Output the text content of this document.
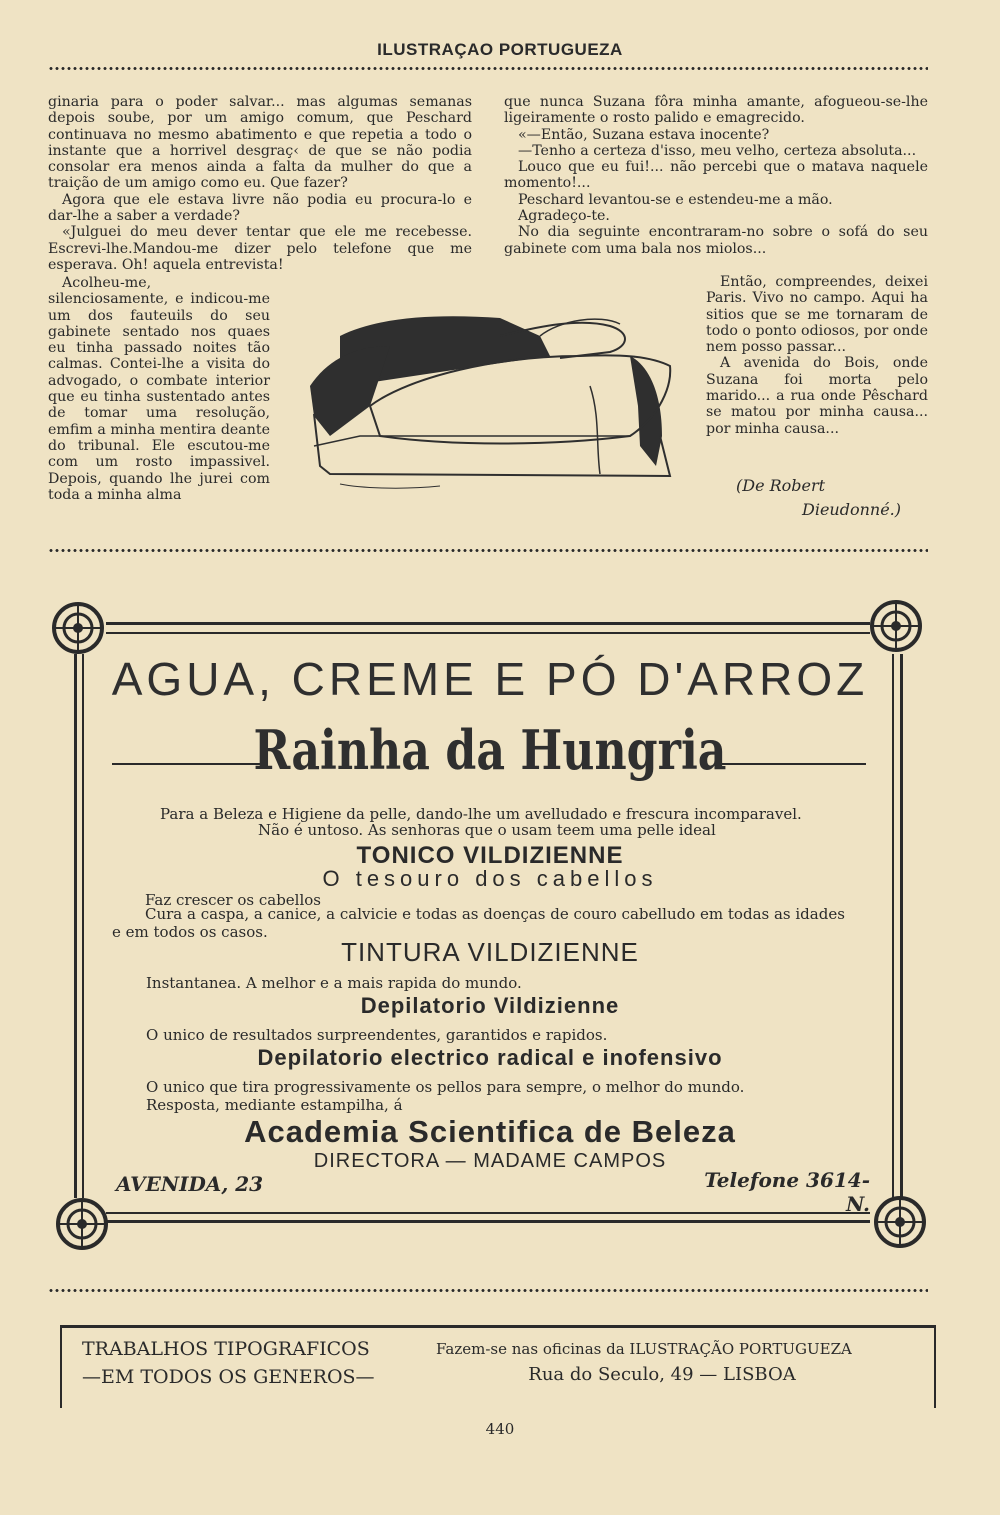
ILUSTRAÇAO PORTUGUEZA

ginaria para o poder salvar... mas algumas semanas depois soube, por um amigo comum, que Peschard continuava no mesmo abatimento e que repetia a todo o instante que a horrivel desgraç‹ de que se não podia consolar era menos ainda a falta da mulher do que a traição de um amigo como eu. Que fazer?

Agora que ele estava livre não podia eu procura-lo e dar-lhe a saber a verdade?

«Julguei do meu dever tentar que ele me recebesse. Escrevi-lhe.Mandou-me dizer pelo telefone que me esperava. Oh! aquela entrevista!

Acolheu-me, silenciosamente, e indicou-me um dos fauteuils do seu gabinete sentado nos quaes eu tinha passado noites tão calmas. Contei-lhe a visita do advogado, o combate interior que eu tinha sustentado antes de tomar uma resolução, emfim a minha mentira deante do tribunal. Ele escutou-me com um rosto impassivel. Depois, quando lhe jurei com toda a minha alma

que nunca Suzana fôra minha amante, afogueou-se-lhe ligeiramente o rosto palido e emagrecido.

«—Então, Suzana estava inocente?

—Tenho a certeza d'isso, meu velho, certeza absoluta...

Louco que eu fui!... não percebi que o matava naquele momento!...

Peschard levantou-se e estendeu-me a mão.

Agradeço-te.

No dia seguinte encontraram-no sobre o sofá do seu gabinete com uma bala nos miolos...

Então, compreendes, deixei Paris. Vivo no campo. Aqui ha sitios que se me tornaram de todo o ponto odiosos, por onde nem posso passar...

A avenida do Bois, onde Suzana foi morta pelo marido... a rua onde Pêschard se matou por minha causa... por minha causa...

(De Robert
Dieudonné.)
AGUA, CREME E PÓ D'ARROZ
Rainha da Hungria
Para a Beleza e Higiene da pelle, dando-lhe um avelludado e frescura incomparavel.
Não é untoso. As senhoras que o usam teem uma pelle ideal
TONICO VILDIZIENNE
O tesouro dos cabellos
Faz crescer os cabellos
Cura a caspa, a canice, a calvicie e todas as doenças de couro cabelludo em todas as idades
e em todos os casos.
TINTURA VILDIZIENNE
Instantanea. A melhor e a mais rapida do mundo.
Depilatorio Vildizienne
O unico de resultados surpreendentes, garantidos e rapidos.
Depilatorio electrico radical e inofensivo
O unico que tira progressivamente os pellos para sempre, o melhor do mundo.
Resposta, mediante estampilha, á
Academia Scientifica de Beleza
DIRECTORA — MADAME CAMPOS
AVENIDA, 23	Telefone 3614-N.
TRABALHOS TIPOGRAFICOS
—EM TODOS OS GENEROS—
Fazem-se nas oficinas da ILUSTRAÇÃO PORTUGUEZA
Rua do Seculo, 49 — LISBOA
440
